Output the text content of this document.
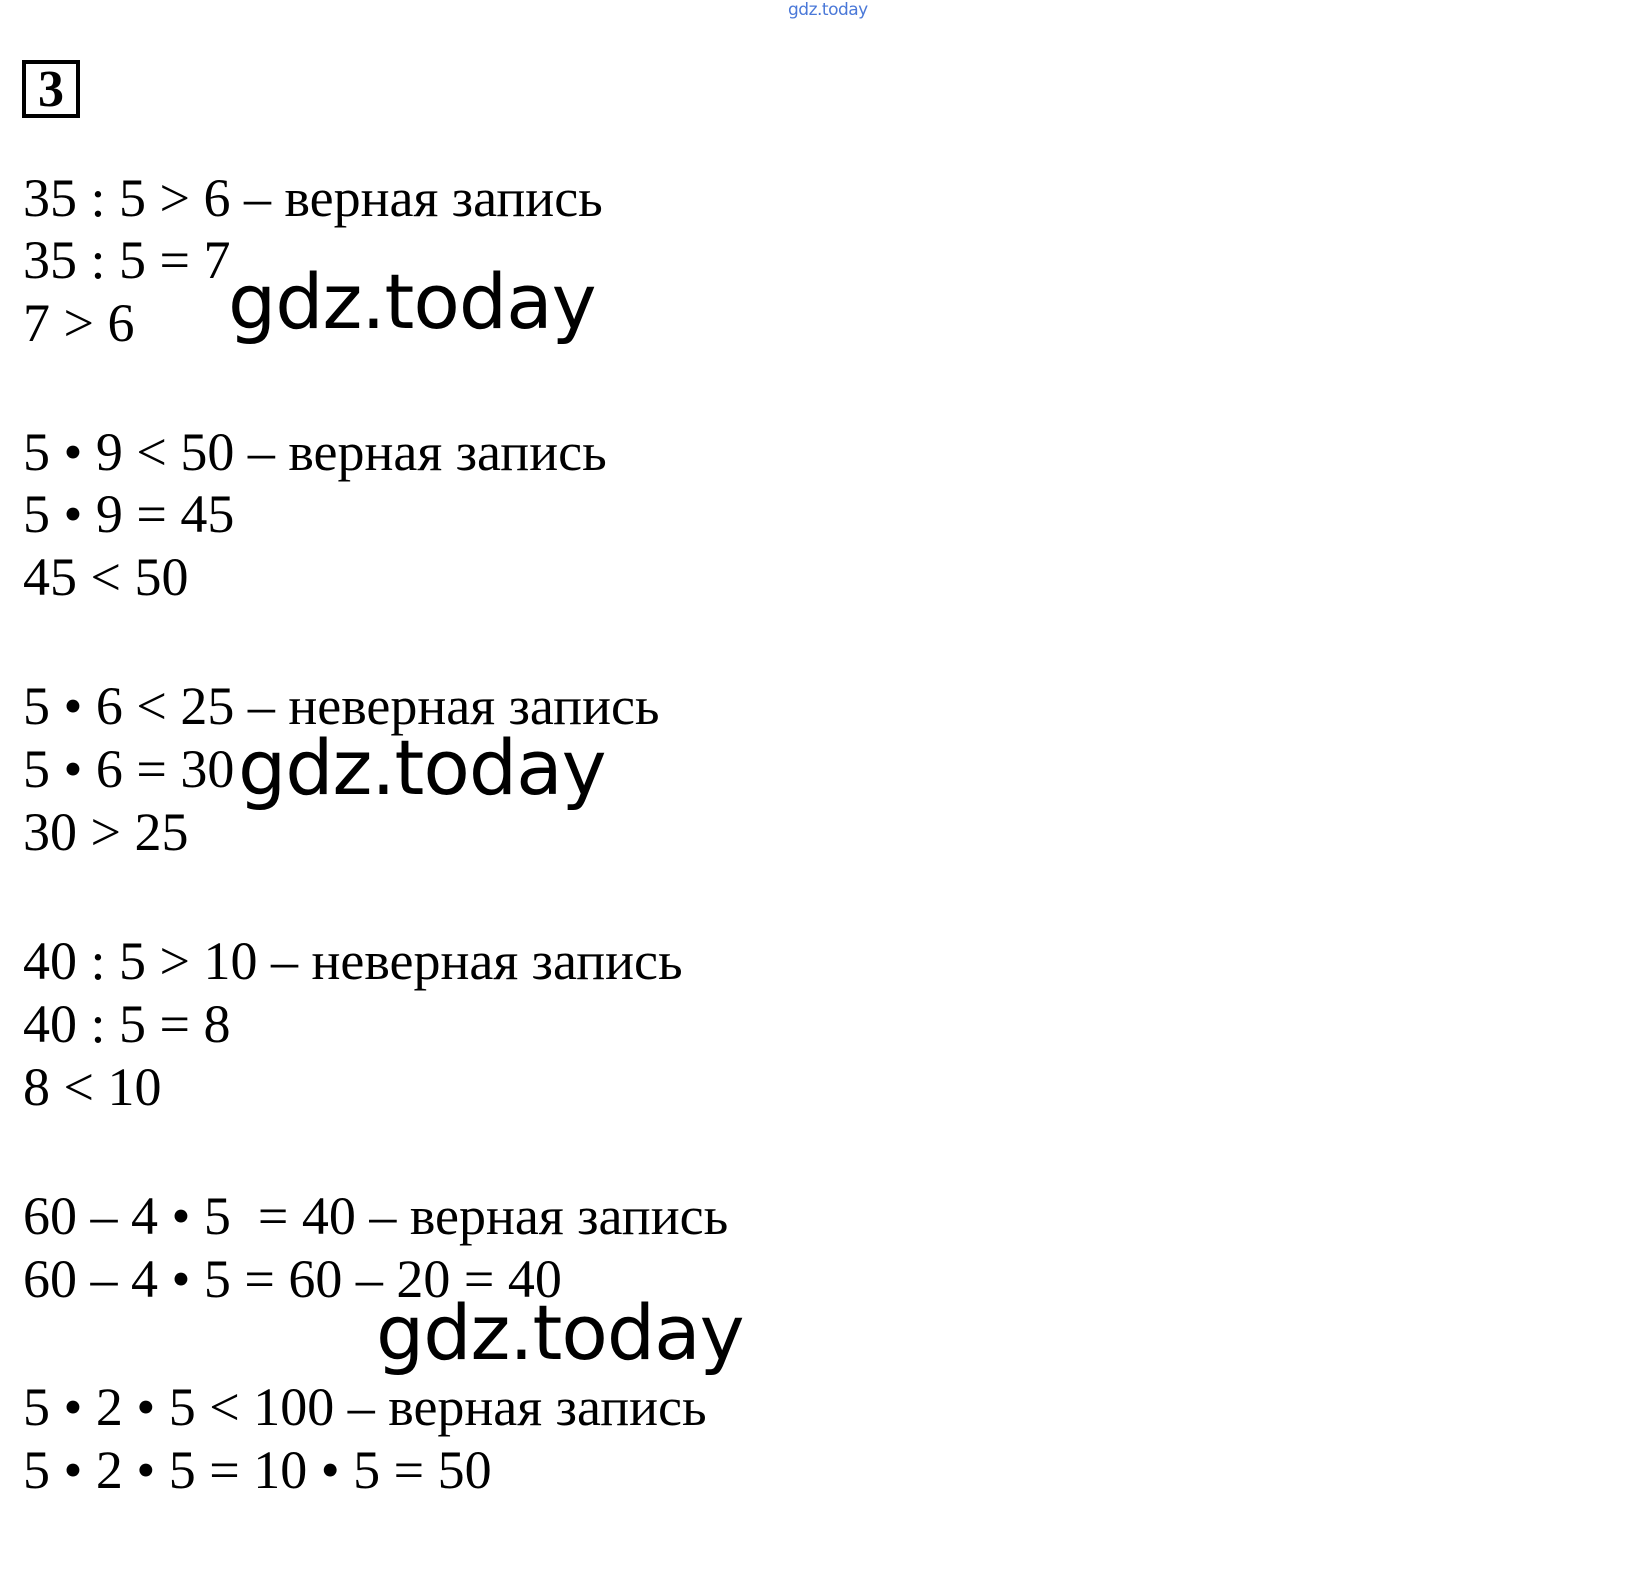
gdz.today
3
35 : 5 > 6 – верная запись
35 : 5 = 7
7 > 6
5 • 9 < 50 – верная запись
5 • 9 = 45
45 < 50
5 • 6 < 25 – неверная запись
5 • 6 = 30
30 > 25
40 : 5 > 10 – неверная запись
40 : 5 = 8
8 < 10
60 – 4 • 5  = 40 – верная запись
60 – 4 • 5 = 60 – 20 = 40
5 • 2 • 5 < 100 – верная запись
5 • 2 • 5 = 10 • 5 = 50
gdz.today
gdz.today
gdz.today
